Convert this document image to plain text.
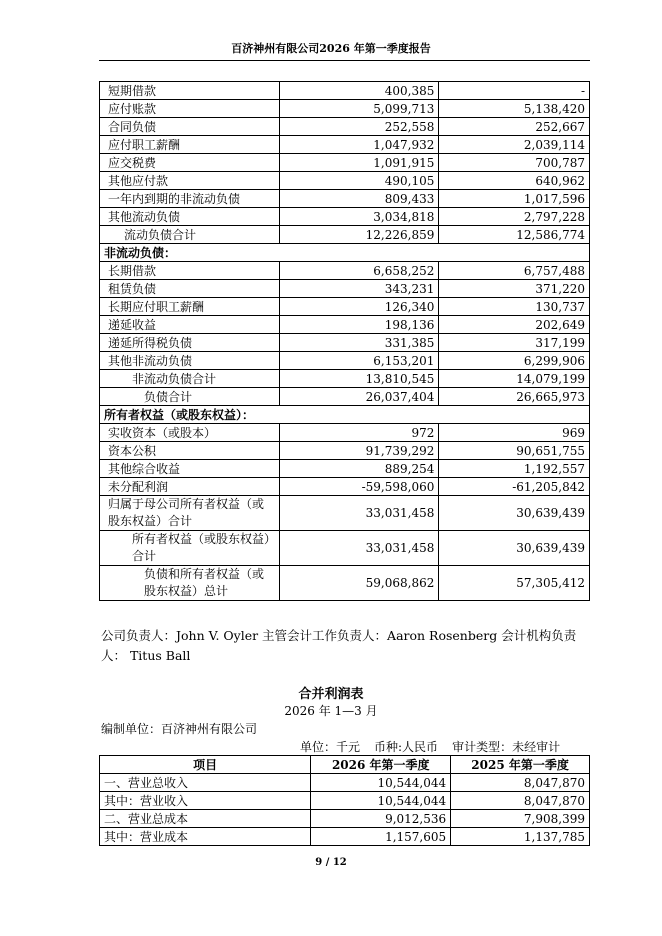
百济神州有限公司2026 年第一季度报告
短期借款	400,385	-
应付账款	5,099,713	5,138,420
合同负债	252,558	252,667
应付职工薪酬	1,047,932	2,039,114
应交税费	1,091,915	700,787
其他应付款	490,105	640,962
一年内到期的非流动负债	809,433	1,017,596
其他流动负债	3,034,818	2,797,228
流动负债合计	12,226,859	12,586,774
非流动负债：		
长期借款	6,658,252	6,757,488
租赁负债	343,231	371,220
长期应付职工薪酬	126,340	130,737
递延收益	198,136	202,649
递延所得税负债	331,385	317,199
其他非流动负债	6,153,201	6,299,906
非流动负债合计	13,810,545	14,079,199
负债合计	26,037,404	26,665,973
所有者权益（或股东权益）：		
实收资本（或股本）	972	969
资本公积	91,739,292	90,651,755
其他综合收益	889,254	1,192,557
未分配利润	-59,598,060	-61,205,842
归属于母公司所有者权益（或股东权益）合计	33,031,458	30,639,439
所有者权益（或股东权益）合计	33,031,458	30,639,439
负债和所有者权益（或股东权益）总计	59,068,862	57,305,412
公司负责人：John V. Oyler 主管会计工作负责人：Aaron Rosenberg 会计机构负责人： Titus Ball
合并利润表
2026 年 1—3 月
编制单位：百济神州有限公司
单位：千元 币种:人民币 审计类型：未经审计
项目	2026 年第一季度	2025 年第一季度
一、营业总收入	10,544,044	8,047,870
其中：营业收入	10,544,044	8,047,870
二、营业总成本	9,012,536	7,908,399
其中：营业成本	1,157,605	1,137,785
9 / 12
